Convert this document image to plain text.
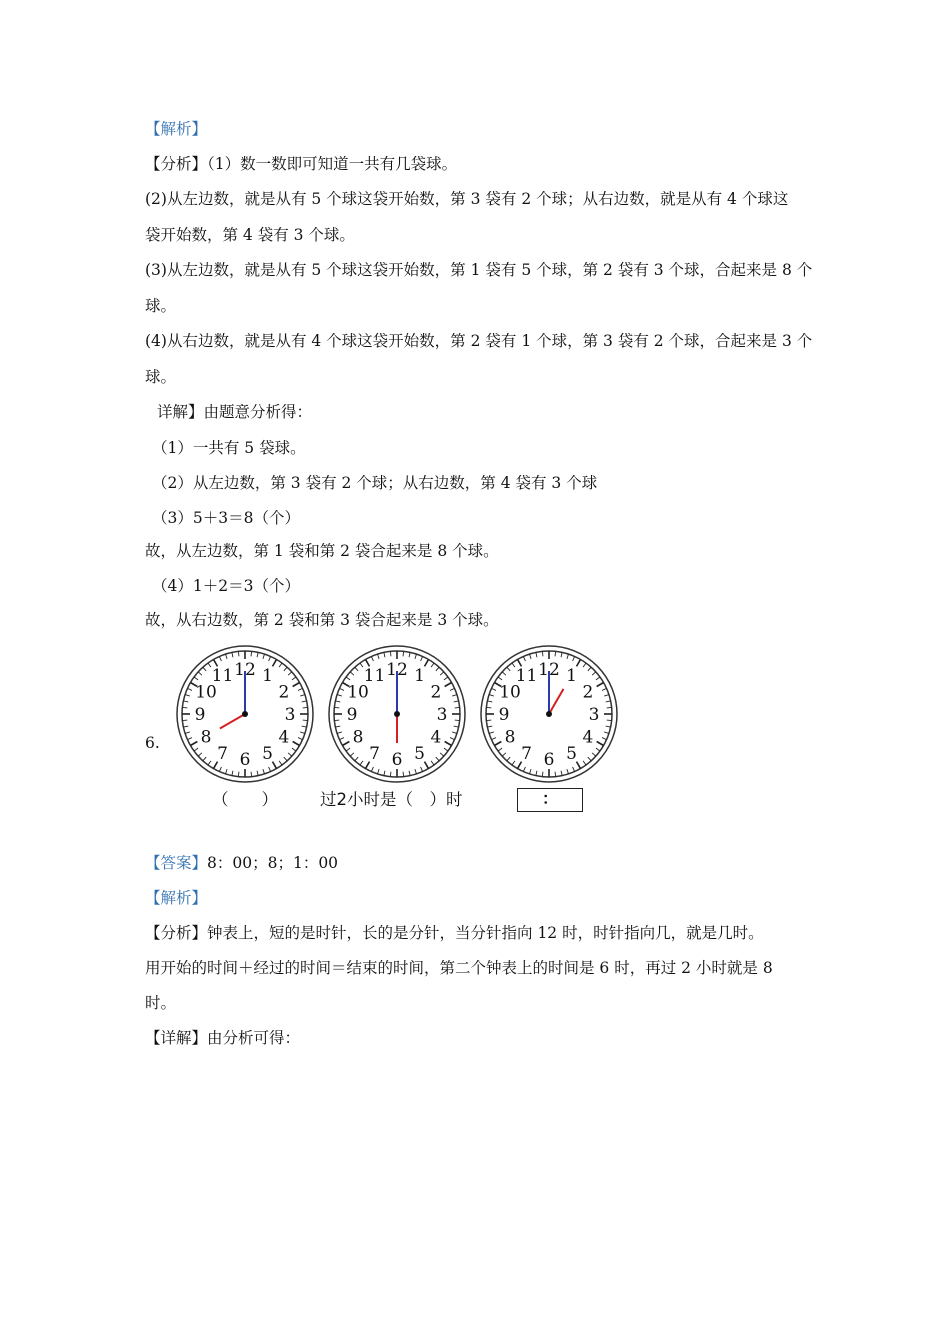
【解析】
【分析】（1）数一数即可知道一共有几袋球。
(2)从左边数，就是从有 5 个球这袋开始数，第 3 袋有 2 个球；从右边数，就是从有 4 个球这
袋开始数，第 4 袋有 3 个球。
(3)从左边数，就是从有 5 个球这袋开始数，第 1 袋有 5 个球，第 2 袋有 3 个球，合起来是 8 个
球。
(4)从右边数，就是从有 4 个球这袋开始数，第 2 袋有 1 个球，第 3 袋有 2 个球，合起来是 3 个
球。
详解】由题意分析得：
（1）一共有 5 袋球。
（2）从左边数，第 3 袋有 2 个球；从右边数，第 4 袋有 3 个球
（3）5＋3＝8（个）
故，从左边数，第 1 袋和第 2 袋合起来是 8 个球。
（4）1＋2＝3（个）
故，从右边数，第 2 袋和第 3 袋合起来是 3 个球。
6.
12 1
2
3
4
5
6
7
8
9
10
11	12 1
2
3
4
5
6
7
8
9
10
11	12 1
2
3
4
5
6
7
8
9
10
11
（　　）	过2小时是（　）时	：
【答案】8：00；8；1：00
【解析】
【分析】钟表上，短的是时针，长的是分针，当分针指向 12 时，时针指向几，就是几时。
用开始的时间＋经过的时间＝结束的时间，第二个钟表上的时间是 6 时，再过 2 小时就是 8
时。
【详解】由分析可得：
